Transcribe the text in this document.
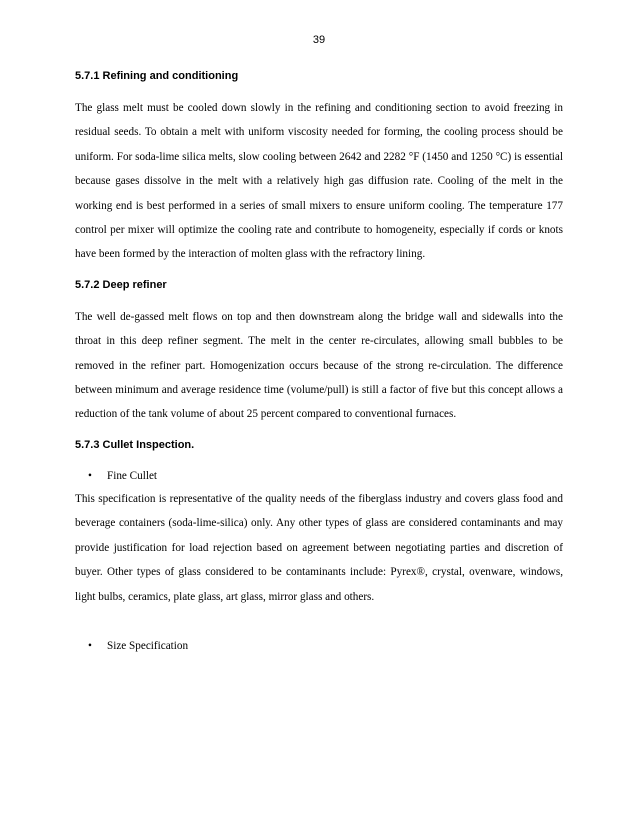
39
5.7.1 Refining and conditioning

The glass melt must be cooled down slowly in the refining and conditioning section to avoid freezing in residual seeds. To obtain a melt with uniform viscosity needed for forming, the cooling process should be uniform. For soda-lime silica melts, slow cooling between 2642 and 2282 °F (1450 and 1250 °C) is essential because gases dissolve in the melt with a relatively high gas diffusion rate. Cooling of the melt in the working end is best performed in a series of small mixers to ensure uniform cooling. The temperature 177 control per mixer will optimize the cooling rate and contribute to homogeneity, especially if cords or knots have been formed by the interaction of molten glass with the refractory lining.

5.7.2 Deep refiner

The well de-gassed melt flows on top and then downstream along the bridge wall and sidewalls into the throat in this deep refiner segment. The melt in the center re-circulates, allowing small bubbles to be removed in the refiner part. Homogenization occurs because of the strong re-circulation. The difference between minimum and average residence time (volume/pull) is still a factor of five but this concept allows a reduction of the tank volume of about 25 percent compared to conventional furnaces.

5.7.3 Cullet Inspection.
• Fine Cullet

This specification is representative of the quality needs of the fiberglass industry and covers glass food and beverage containers (soda-lime-silica) only. Any other types of glass are considered contaminants and may provide justification for load rejection based on agreement between negotiating parties and discretion of buyer. Other types of glass considered to be contaminants include: Pyrex®, crystal, ovenware, windows, light bulbs, ceramics, plate glass, art glass, mirror glass and others.

• Size Specification
